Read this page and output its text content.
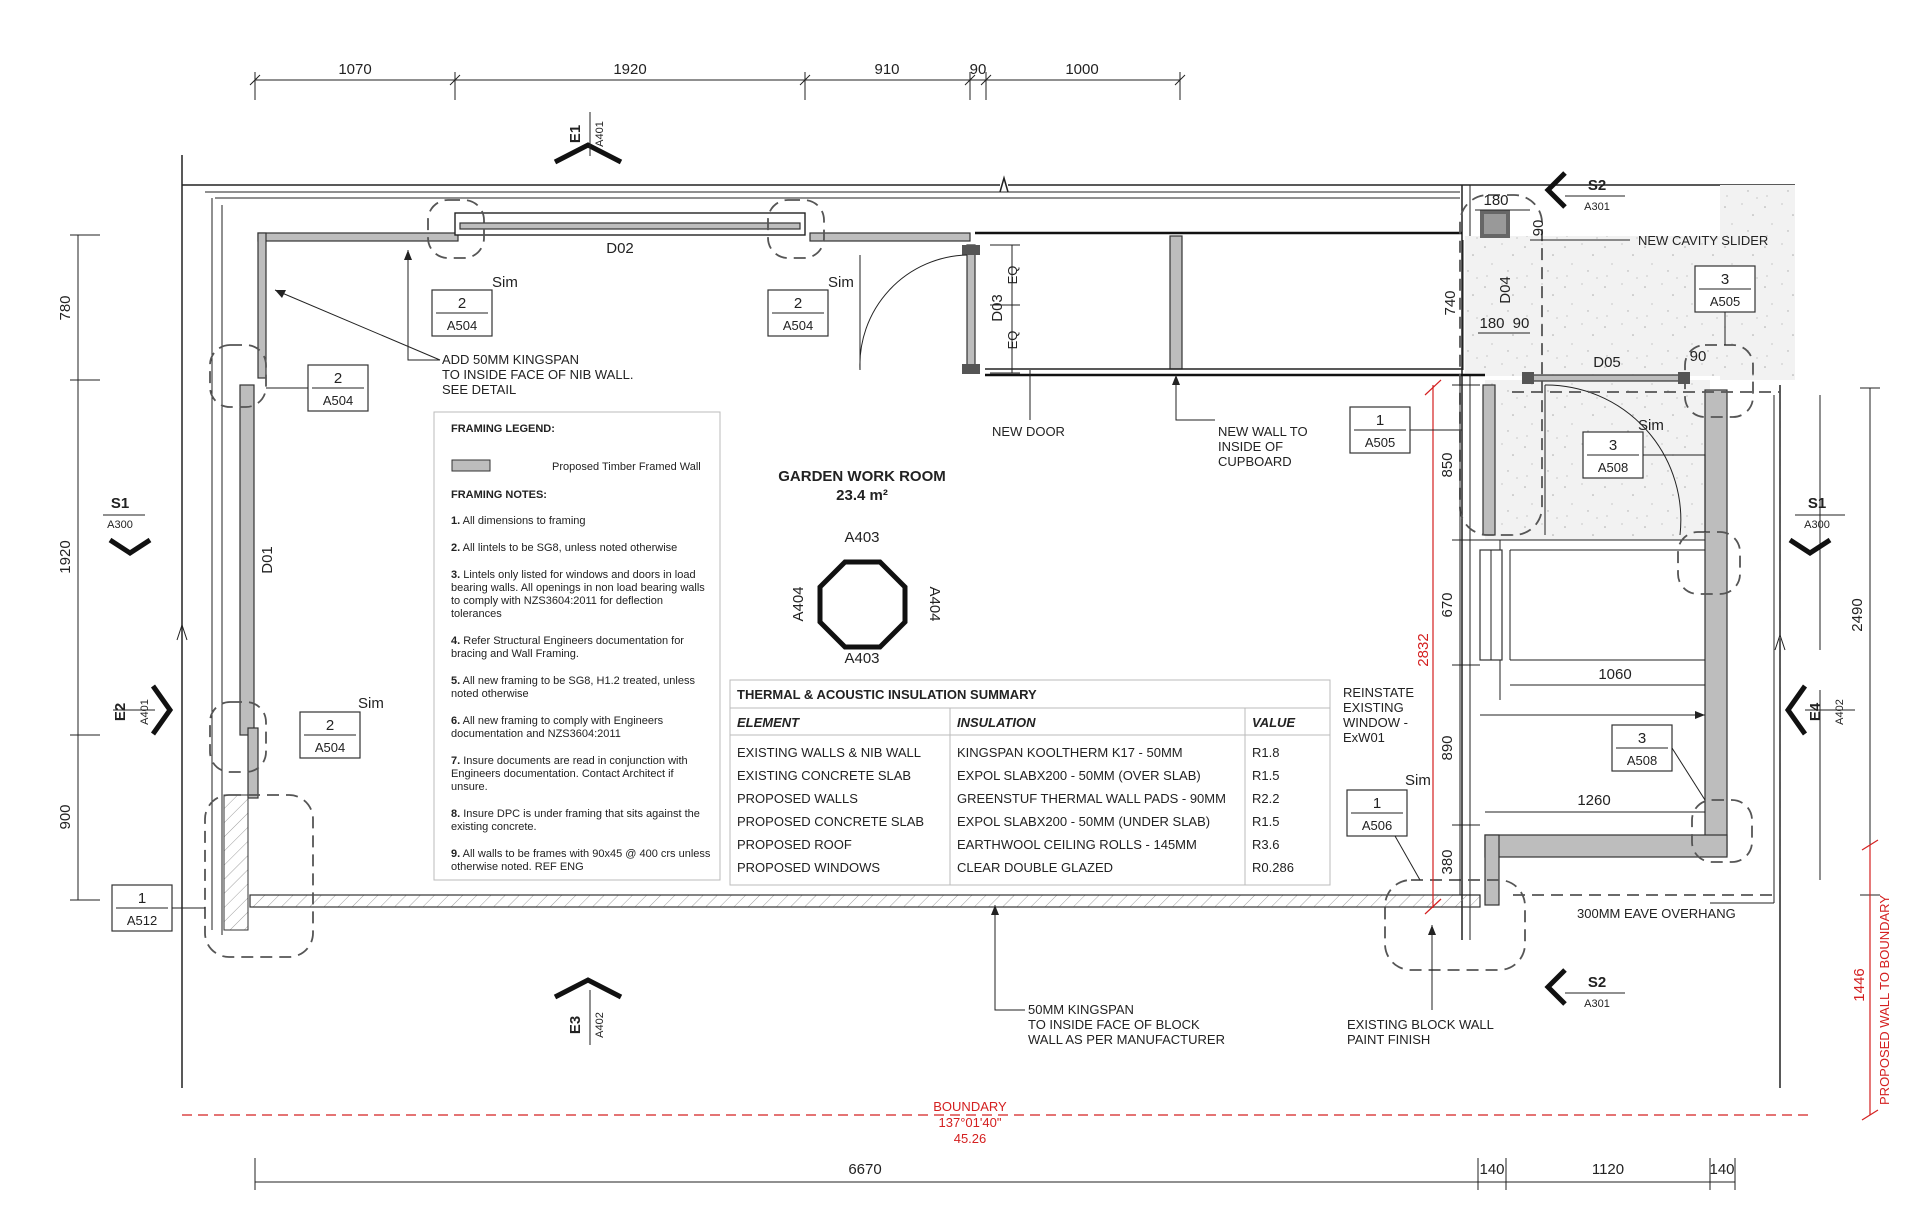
1070	1920	910	90	1000
780
1920
900
6670	140	1120	140
2490
BOUNDARY
137°01'40"
45.26
2832
1446 PROPOSED WALL TO BOUNDARY
180
90
740
180 90
90
850
670
890
380
1060
1260
EQ
EQ
D01
D02
D03
D04
D05
GARDEN WORK ROOM
23.4 m²
A403
A403
A404	A404
E1 A401
E2 A401
E3 A402
E4 A402
S1
A300
S1
A300
S2
A301
S2
A301
2
A504
Sim
2
A504
Sim
2
A504
2
A504
Sim
1
A512
1
A505
3
A505
3
A508
Sim
3
A508
1
A506
Sim
ADD 50MM KINGSPAN
TO INSIDE FACE OF NIB WALL.
SEE DETAIL
NEW DOOR	NEW WALL TO
INSIDE OF
CUPBOARD
NEW CAVITY SLIDER
REINSTATE
EXISTING
WINDOW -
ExW01
300MM EAVE OVERHANG
50MM KINGSPAN
TO INSIDE FACE OF BLOCK
WALL AS PER MANUFACTURER
EXISTING BLOCK WALL
PAINT FINISH
FRAMING LEGEND:
Proposed Timber Framed Wall
FRAMING NOTES:
1. All dimensions to framing
2. All lintels to be SG8, unless noted otherwise
3. Lintels only listed for windows and doors in load
bearing walls. All openings in non load bearing walls
to comply with NZS3604:2011 for deflection
tolerances
4. Refer Structural Engineers documentation for
bracing and Wall Framing.
5. All new framing to be SG8, H1.2 treated, unless
noted otherwise
6. All new framing to comply with Engineers
documentation and NZS3604:2011
7. Insure documents are read in conjunction with
Engineers documentation. Contact Architect if
unsure.
8. Insure DPC is under framing that sits against the
existing concrete.
9. All walls to be frames with 90x45 @ 400 crs unless
otherwise noted. REF ENG
THERMAL & ACOUSTIC INSULATION SUMMARY
ELEMENT	INSULATION	VALUE
EXISTING WALLS & NIB WALL	KINGSPAN KOOLTHERM K17 - 50MM	R1.8
EXISTING CONCRETE SLAB	EXPOL SLABX200 - 50MM (OVER SLAB)	R1.5
PROPOSED WALLS	GREENSTUF THERMAL WALL PADS - 90MM R2.2
PROPOSED CONCRETE SLAB	EXPOL SLABX200 - 50MM (UNDER SLAB)	R1.5
PROPOSED ROOF	EARTHWOOL CEILING ROLLS - 145MM	R3.6
PROPOSED WINDOWS	CLEAR DOUBLE GLAZED	R0.286
